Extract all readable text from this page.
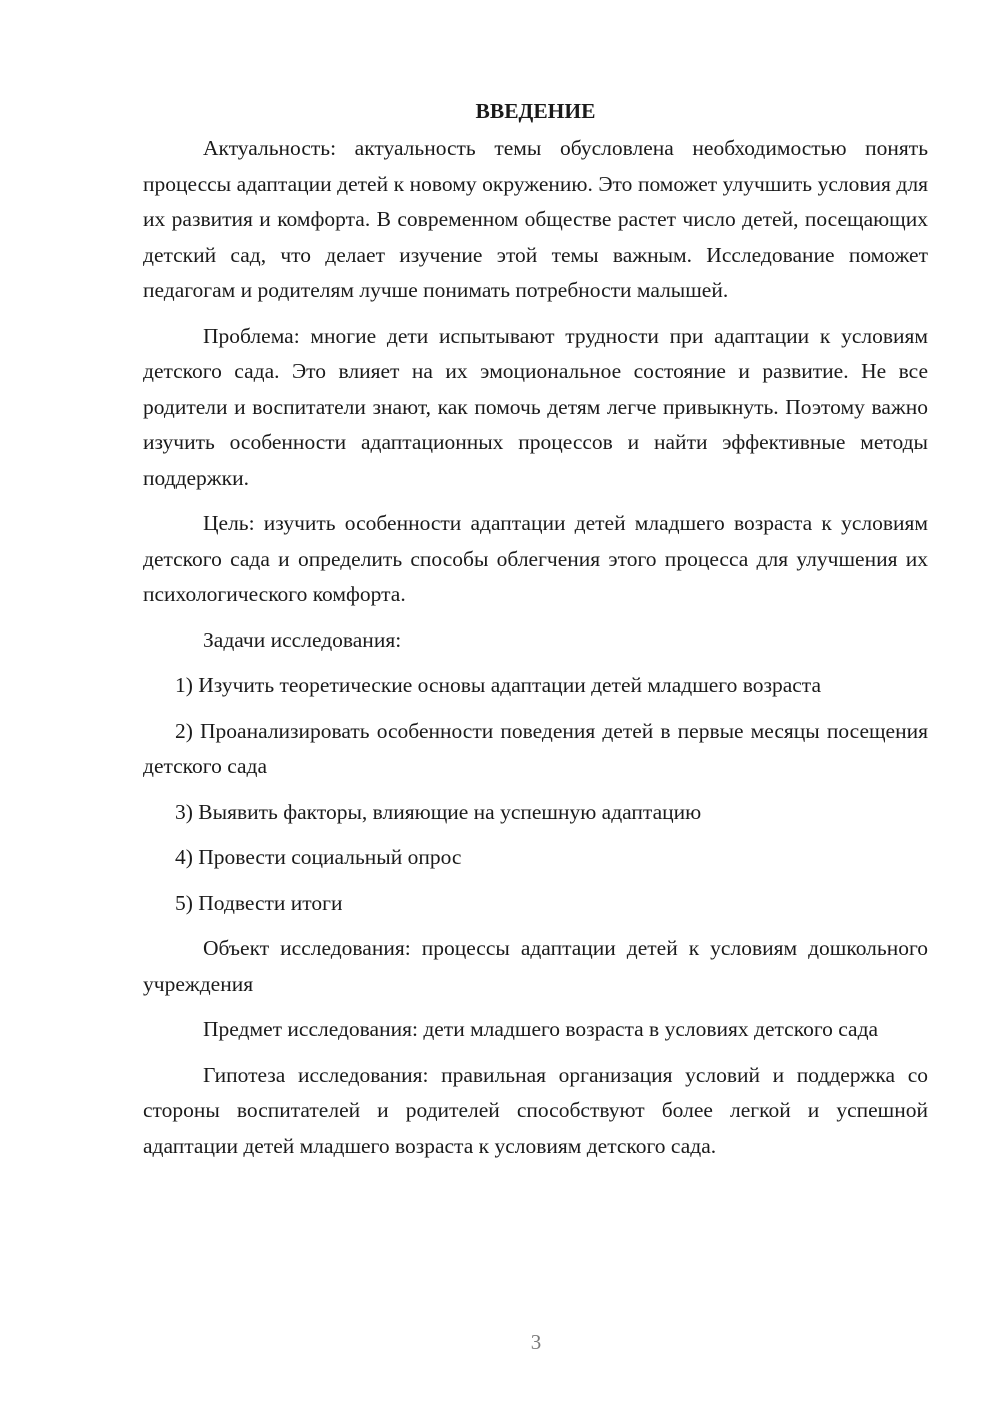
ВВЕДЕНИЕ

Актуальность: актуальность темы обусловлена необходимостью понять процессы адаптации детей к новому окружению. Это поможет улучшить условия для их развития и комфорта. В современном обществе растет число детей, посещающих детский сад, что делает изучение этой темы важным. Исследование поможет педагогам и родителям лучше понимать потребности малышей.

Проблема: многие дети испытывают трудности при адаптации к условиям детского сада. Это влияет на их эмоциональное состояние и развитие. Не все родители и воспитатели знают, как помочь детям легче привыкнуть. Поэтому важно изучить особенности адаптационных процессов и найти эффективные методы поддержки.

Цель: изучить особенности адаптации детей младшего возраста к условиям детского сада и определить способы облегчения этого процесса для улучшения их психологического комфорта.

Задачи исследования:

1) Изучить теоретические основы адаптации детей младшего возраста

2) Проанализировать особенности поведения детей в первые месяцы посещения детского сада

3) Выявить факторы, влияющие на успешную адаптацию

4) Провести социальный опрос

5) Подвести итоги

Объект исследования: процессы адаптации детей к условиям дошкольного учреждения

Предмет исследования: дети младшего возраста в условиях детского сада

Гипотеза исследования: правильная организация условий и поддержка со стороны воспитателей и родителей способствуют более легкой и успешной адаптации детей младшего возраста к условиям детского сада.

3
